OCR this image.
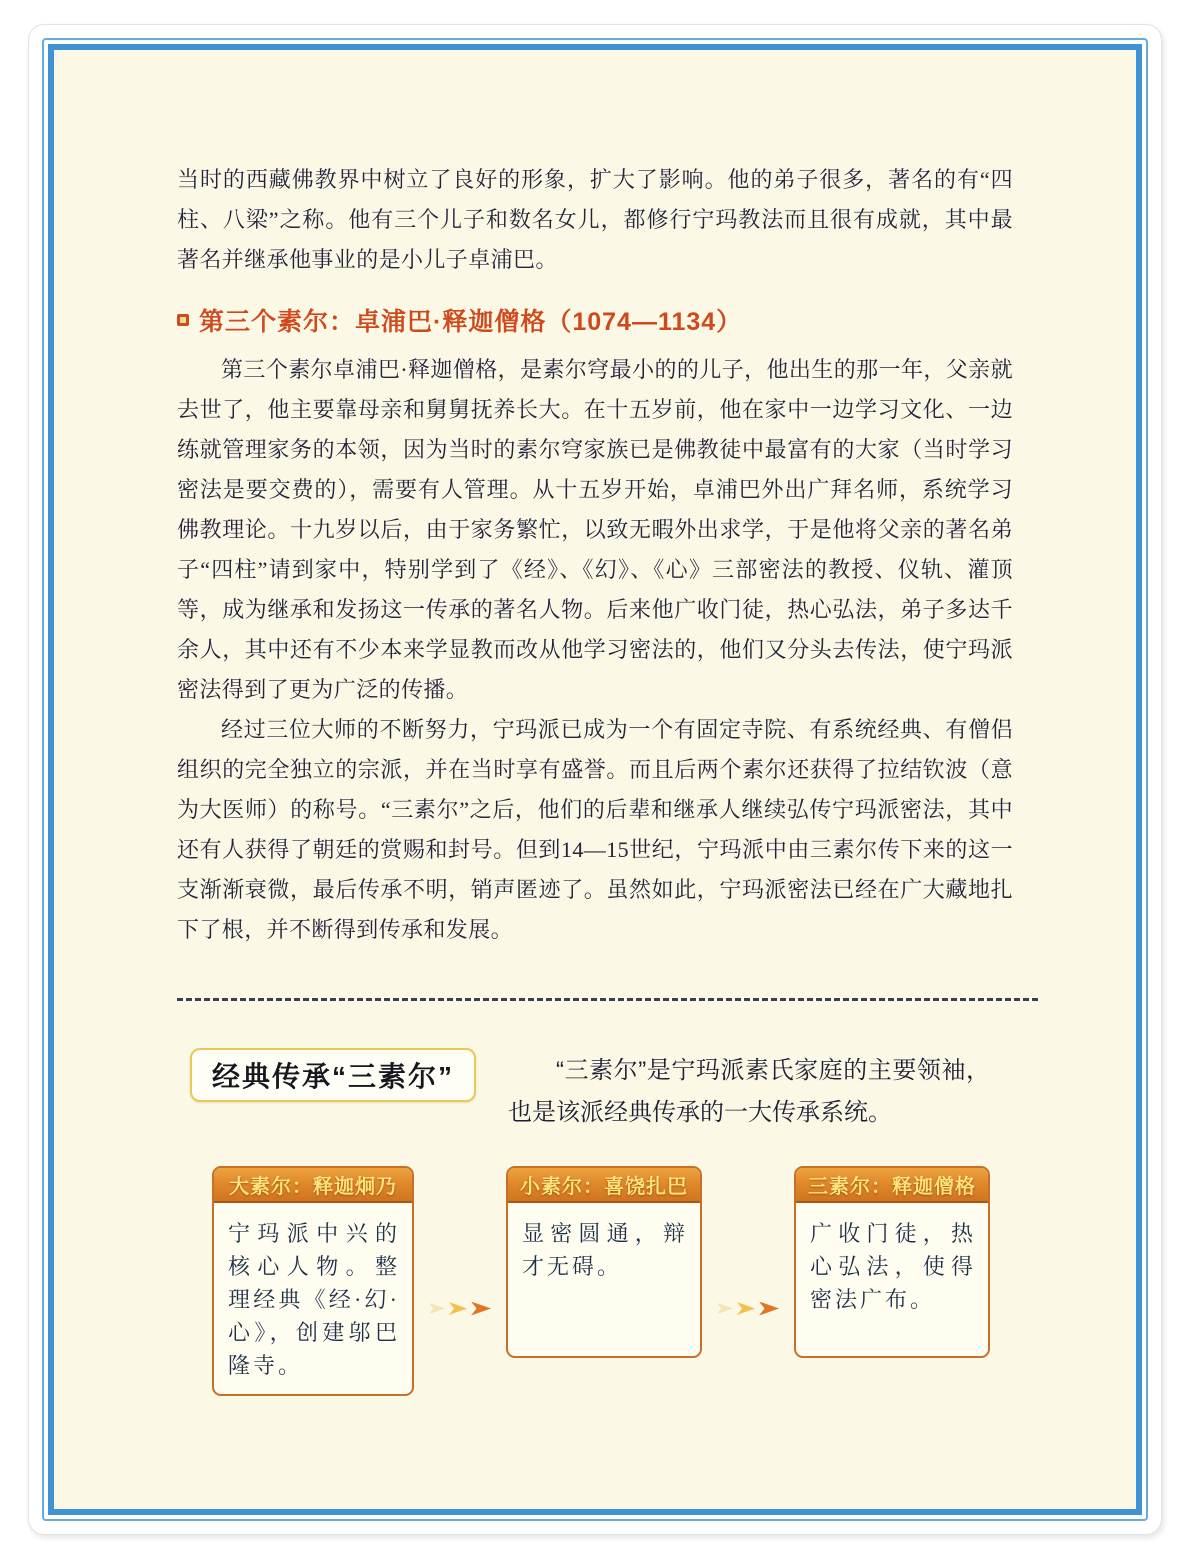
当时的西藏佛教界中树立了良好的形象，扩大了影响。他的弟子很多，著名的有“四柱、八梁”之称。他有三个儿子和数名女儿，都修行宁玛教法而且很有成就，其中最著名并继承他事业的是小儿子卓浦巴。

第三个素尔：卓浦巴·释迦僧格（1074—1134）

第三个素尔卓浦巴·释迦僧格，是素尔穹最小的的儿子，他出生的那一年，父亲就去世了，他主要靠母亲和舅舅抚养长大。在十五岁前，他在家中一边学习文化、一边练就管理家务的本领，因为当时的素尔穹家族已是佛教徒中最富有的大家（当时学习密法是要交费的），需要有人管理。从十五岁开始，卓浦巴外出广拜名师，系统学习佛教理论。十九岁以后，由于家务繁忙，以致无暇外出求学，于是他将父亲的著名弟子“四柱”请到家中，特别学到了《经》、《幻》、《心》三部密法的教授、仪轨、灌顶等，成为继承和发扬这一传承的著名人物。后来他广收门徒，热心弘法，弟子多达千余人，其中还有不少本来学显教而改从他学习密法的，他们又分头去传法，使宁玛派密法得到了更为广泛的传播。

经过三位大师的不断努力，宁玛派已成为一个有固定寺院、有系统经典、有僧侣组织的完全独立的宗派，并在当时享有盛誉。而且后两个素尔还获得了拉结钦波（意为大医师）的称号。“三素尔”之后，他们的后辈和继承人继续弘传宁玛派密法，其中还有人获得了朝廷的赏赐和封号。但到14—15世纪，宁玛派中由三素尔传下来的这一支渐渐衰微，最后传承不明，销声匿迹了。虽然如此，宁玛派密法已经在广大藏地扎下了根，并不断得到传承和发展。

经典传承“三素尔”	“三素尔”是宁玛派素氏家庭的主要领袖，也是该派经典传承的一大传承系统。

大素尔：释迦炯乃
宁玛派中兴的核心人物。整理经典《经·幻·心》，创建邬巴隆寺。
小素尔：喜饶扎巴
显密圆通，辩才无碍。
三素尔：释迦僧格
广收门徒，热心弘法，使得密法广布。
